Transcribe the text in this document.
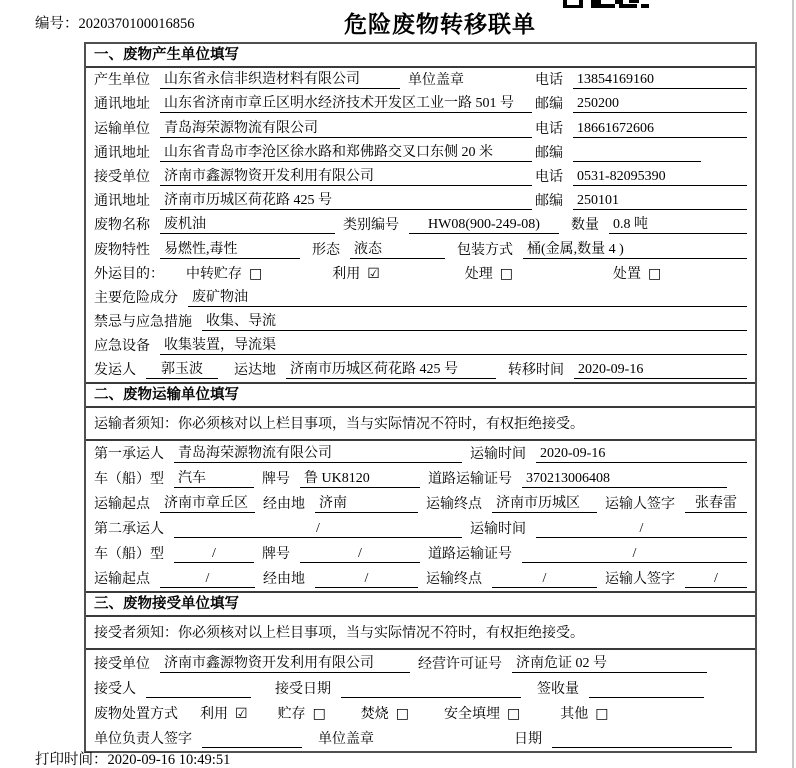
编号：2020370100016856	危险废物转移联单
一、废物产生单位填写
产生单位 山东省永信非织造材料有限公司	单位盖章	电话 13854169160
通讯地址 山东省济南市章丘区明水经济技术开发区工业一路 501 号	邮编 250200
运输单位 青岛海荣源物流有限公司	电话 18661672606
通讯地址 山东省青岛市李沧区徐水路和郑佛路交叉口东侧 20 米	邮编
接受单位 济南市鑫源物资开发利用有限公司	电话 0531-82095390
通讯地址 济南市历城区荷花路 425 号	邮编 250101
废物名称 废机油	类别编号	HW08(900-249-08)	数量 0.8 吨
废物特性 易燃性,毒性	形态 液态	包装方式 桶(金属,数量 4 )
外运目的： 中转贮存 □	利用 ☑	处理 □	处置 □
主要危险成分 废矿物油
禁忌与应急措施 收集、导流
应急设备 收集装置，导流渠
发运人	郭玉波	运达地 济南市历城区荷花路 425 号	转移时间 2020-09-16
二、废物运输单位填写
运输者须知：你必须核对以上栏目事项，当与实际情况不符时，有权拒绝接受。
第一承运人 青岛海荣源物流有限公司	运输时间 2020-09-16
车（船）型 汽车	牌号 鲁 UK8120	道路运输证号 370213006408
运输起点 济南市章丘区	经由地 济南	运输终点 济南市历城区	运输人签字	张春雷
第二承运人	/	运输时间	/
车（船）型	/	牌号	/	道路运输证号	/
运输起点	/	经由地	/	运输终点	/	运输人签字	/
三、废物接受单位填写
接受者须知：你必须核对以上栏目事项，当与实际情况不符时，有权拒绝接受。
接受单位 济南市鑫源物资开发利用有限公司	经营许可证号 济南危证 02 号
接受人	接受日期	签收量
废物处置方式 利用 ☑ 贮存 □	焚烧 □	安全填埋 □	其他 □
单位负责人签字	单位盖章	日期
打印时间：2020-09-16 10:49:51
